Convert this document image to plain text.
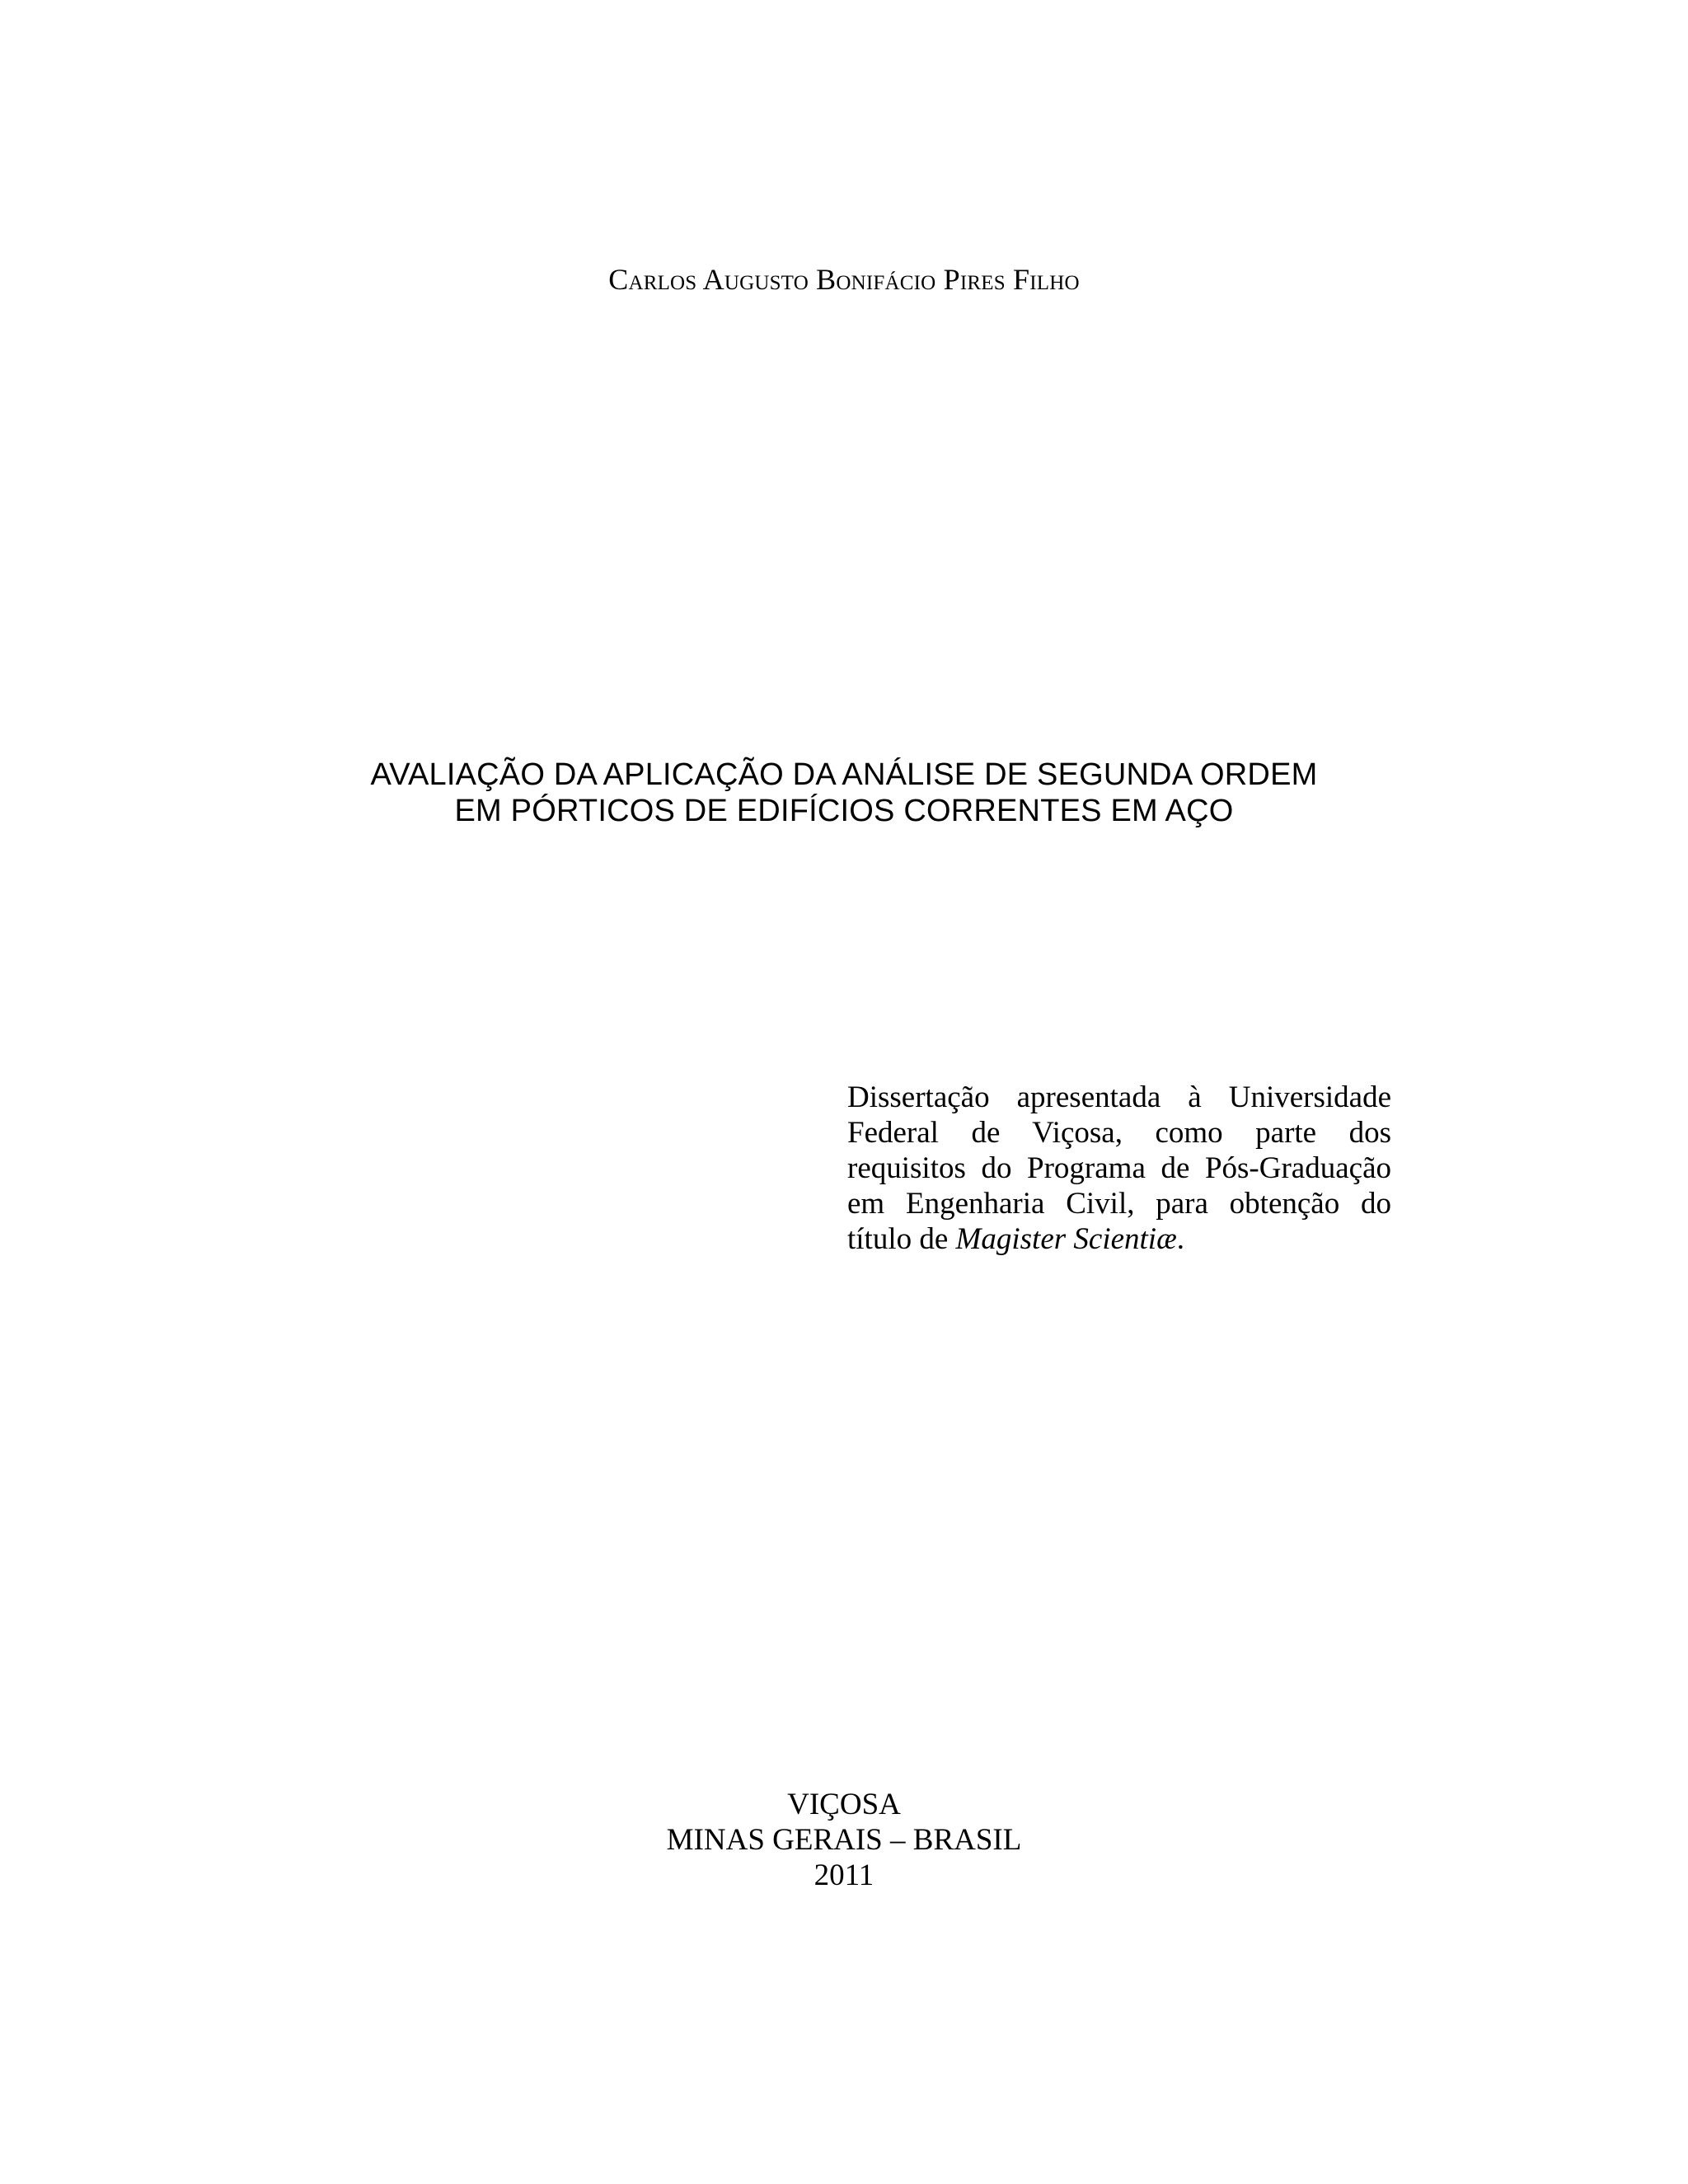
Carlos Augusto Bonifácio Pires Filho
AVALIAÇÃO DA APLICAÇÃO DA ANÁLISE DE SEGUNDA ORDEM
EM PÓRTICOS DE EDIFÍCIOS CORRENTES EM AÇO
Dissertação apresentada à Universidade Federal de Viçosa, como parte dos requisitos do Programa de Pós-Graduação em Engenharia Civil, para obtenção do título de Magister Scientiæ.
VIÇOSA
MINAS GERAIS – BRASIL
2011
